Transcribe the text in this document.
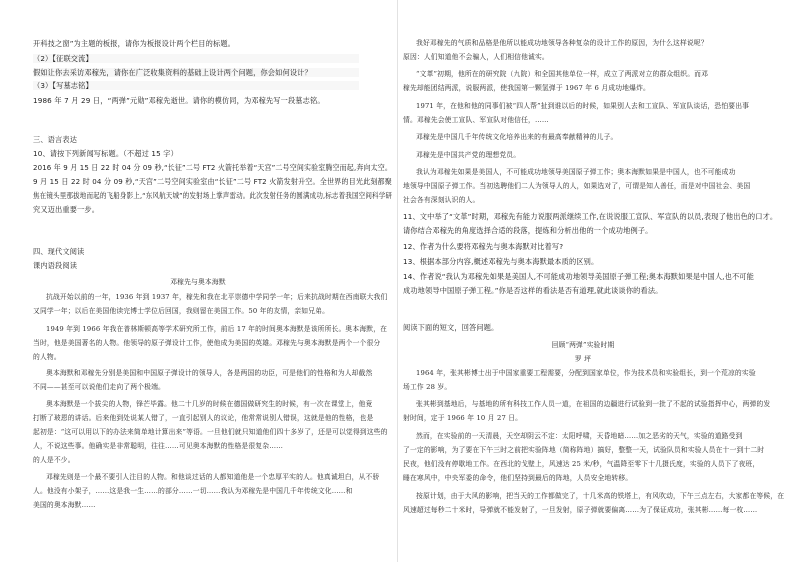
开科技之窗”为主题的板报，请你为板报设计两个栏目的标题。

（2）【征联交流】

假如让你去采访邓稼先，请你在广泛收集资料的基础上设计两个问题，你会如何设计？

（3）【写墓志铭】

1986 年 7 月 29 日，“两弹”元勋”邓稼先逝世。请你的模仿同，为邓稼先写一段墓志铭。

三、语言表达

10、请按下列新闻写标题。（不超过 15 字）

2016 年 9 月 15 日 22 时 04 分 09 秒,“长征”二号 FT2 火箭托举着“天宫”二号空间实验室腾空而起,奔向太空。

9 月 15 日 22 时 04 分 09 秒,“天宫”二号空间实验室由“长征”二号 FT2 火箭发射升空。全世界的目光此刻都聚

焦在镜头里那拔地而起的飞船身影上,“东风航天城”的发射场上掌声雷动。此次发射任务的圆满成功,标志着我国空间科学研

究又迈出重要一步。

四、现代文阅读

课内语段阅读

邓稼先与奥本海默

抗战开始以前的一年，1936 年到 1937 年，稼先和我在北平崇德中学同学一年；后来抗战时期在西南联大我们

又同学一年；以后在美国他读完博士学位后回国，我则留在美国工作。50 年的友情，亲如兄弟。

1949 年到 1966 年我在普林斯顿高等学术研究所工作，前后 17 年的时间奥本海默是该所所长。奥本海默，在

当时，他是美国著名的人物。他领导的原子弹设计工作，使他成为美国的英雄。邓稼先与奥本海默是两个一个很分

的人物。

奥本海默和邓稼先分别是美国和中国原子弹设计的领导人，各是两国的功臣，可是他们的性格和为人却截然

不同——甚至可以说他们走向了两个极端。

奥本海默是一个拔尖的人物，锋芒毕露。他二十几岁的时候在德国做研究生的时候，有一次在课堂上，他竟

打断了玻恩的讲话。后来他到处说某人错了，一直引起别人的议论，他常常说别人错误，这就是他的性格，也是

起初是：“这可以用以下的办法来简单地计算出来”等语。一旦他们就只知道他们四十多岁了，还是可以觉得到这些的

人，不说这些事。他确实是非常聪明，往往……可见奥本海默的性格是很复杂……

的人是不少。

邓稼先则是一个最不要引人注目的人物。和他谈过话的人都知道他是一个忠厚平实的人。他真诚坦白，从不骄

人。他没有小架子，……这是我一生……的部分……一切……我认为邓稼先是中国几千年传统文化……和

美国的奥本海默……

我好邓稼先的气质和品格是他所以能成功地领导各种复杂的设计工作的原因，为什么这样说呢？

原因：人们知道他不会骗人，人们相信他诚实。

“文革”初期，他所在的研究院（九院）和全国其他单位一样，成立了两派对立的群众组织。而邓

稼先却能团结两派，说服两派，使我国第一颗氢弹于 1967 年 6 月成功地爆炸。

1971 年，在他和他的同事们被“四人帮”扯到谁以后的时候，如果别人去和工宣队、军宣队谈话，恐怕要出事

情。邓稼先会使工宣队、军宣队对他信任，……

邓稼先是中国几千年传统文化培养出来的有最高奉献精神的儿子。

邓稼先是中国共产党的理想党员。

我认为邓稼先如果是美国人，不可能成功地领导美国原子弹工作；奥本海默如果是中国人，也不可能成功

地领导中国原子弹工作。当初选聘他们二人为领导人的人，如果选对了，可谓是知人善任，而是对中国社会、美国

社会各有深刻认识的人。

11、文中举了“文革”时期，邓稼先有能力说服两派继续工作,在说说服工宣队、军宣队的以员,表现了他出色的口才。

请你结合邓稼先的角度选择合适的段落，提炼和分析出他的一个成功地例子。

12、作者为什么要将邓稼先与奥本海默对比着写?

13、根据本部分内容,概述邓稼先与奥本海默最本质的区别。

14、作者说“我认为邓稼先如果是美国人,不可能成功地领导美国原子弹工程;奥本海默如果是中国人,也不可能

成功地领导中国原子弹工程。”你是否这样的看法是否有道理,就此谈谈你的看法。

阅读下面的短文，回答问题。

回顾“两弹”实验时期

罗 坪

1964 年，张其彬博士出于中国家重要工程需要，分配到国家单位，作为技术员和实验组长，到一个荒凉的实验

场工作 28 岁。

张其彬到基地后，与基地的所有科技工作人员一道，在祖国的边疆进行试验到一批了不起的试验指挥中心，两弹的发

射时间，定于 1966 年 10 月 27 日。

然而，在实验前的一天清晨，天空却阴云不定：太阳呼啸，天昏地暗……加之恶劣的天气，实验的道路受到

了一定的影响，为了要在下午三时之前把实验阵地（简称阵地）搞好，整整一天，试验队员和实验人员在十一到十二时

民夜，他们没有停歇地工作。在西北的戈壁上，风速达 25 米/秒，气温降至零下十几摄氏度，实验的人员下了夜班，

睡在寒风中，中央军委的命令，他们坚持到最后的阵地，人员安全地转移。

按原计划，由于大风的影响，把当天的工作都做完了，十几米高的铁塔上，有风吹动，下午三点左右，大家都在等候，在

风速超过每秒二十米时，导弹就不能发射了，一旦发射，原子弹就要偏离……为了保证成功，张其彬……每一枚……
